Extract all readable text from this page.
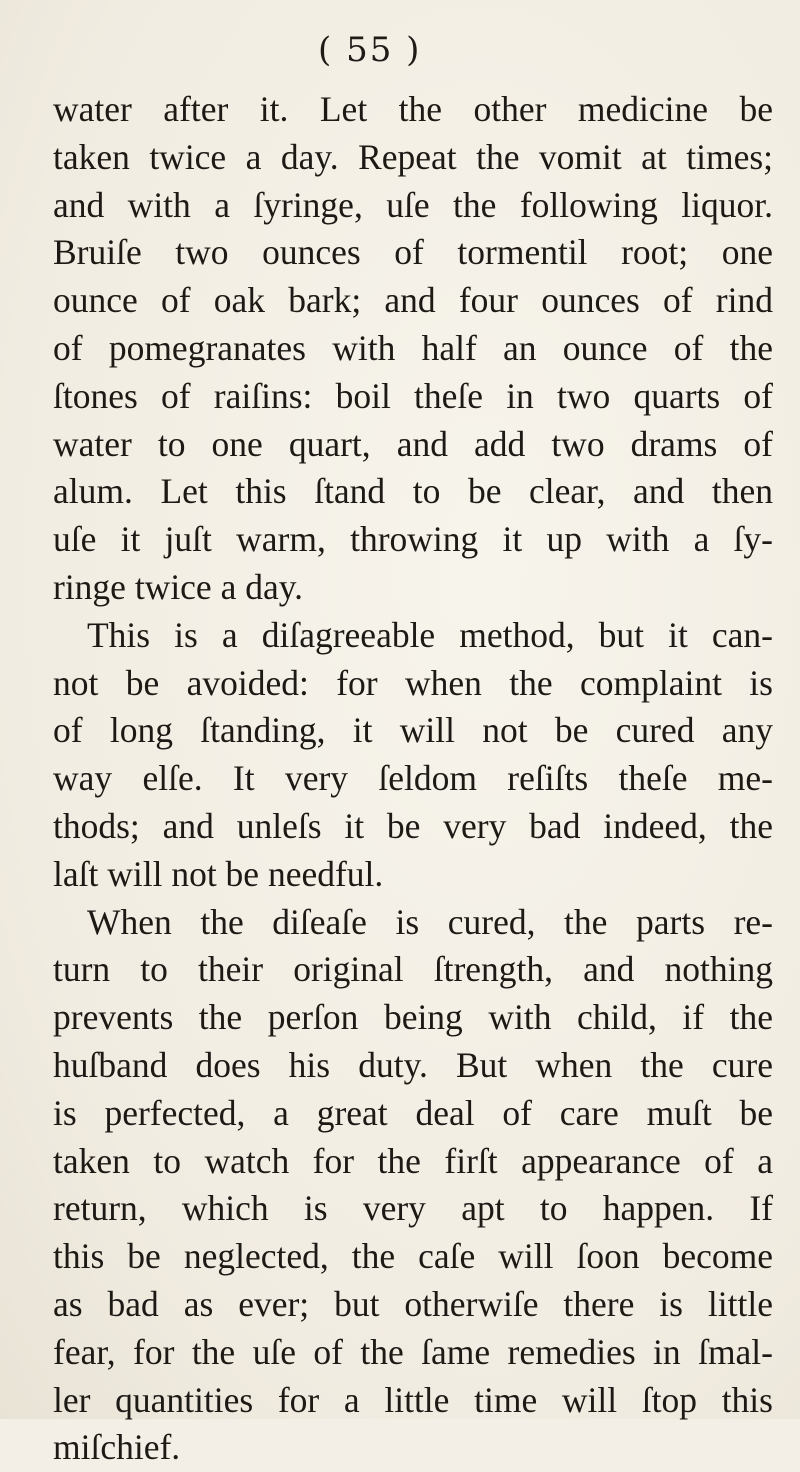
( 55 )
water after it. Let the other medicine be
taken twice a day. Repeat the vomit at times;
and with a ſyringe, uſe the following liquor.
Bruiſe two ounces of tormentil root; one
ounce of oak bark; and four ounces of rind
of pomegranates with half an ounce of the
ſtones of raiſins: boil theſe in two quarts of
water to one quart, and add two drams of
alum. Let this ſtand to be clear, and then
uſe it juſt warm, throwing it up with a ſy-
ringe twice a day.
This is a diſagreeable method, but it can-
not be avoided: for when the complaint is
of long ſtanding, it will not be cured any
way elſe. It very ſeldom reſiſts theſe me-
thods; and unleſs it be very bad indeed, the
laſt will not be needful.
When the diſeaſe is cured, the parts re-
turn to their original ſtrength, and nothing
prevents the perſon being with child, if the
huſband does his duty. But when the cure
is perfected, a great deal of care muſt be
taken to watch for the firſt appearance of a
return, which is very apt to happen. If
this be neglected, the caſe will ſoon become
as bad as ever; but otherwiſe there is little
fear, for the uſe of the ſame remedies in ſmal-
ler quantities for a little time will ſtop this
miſchief.
